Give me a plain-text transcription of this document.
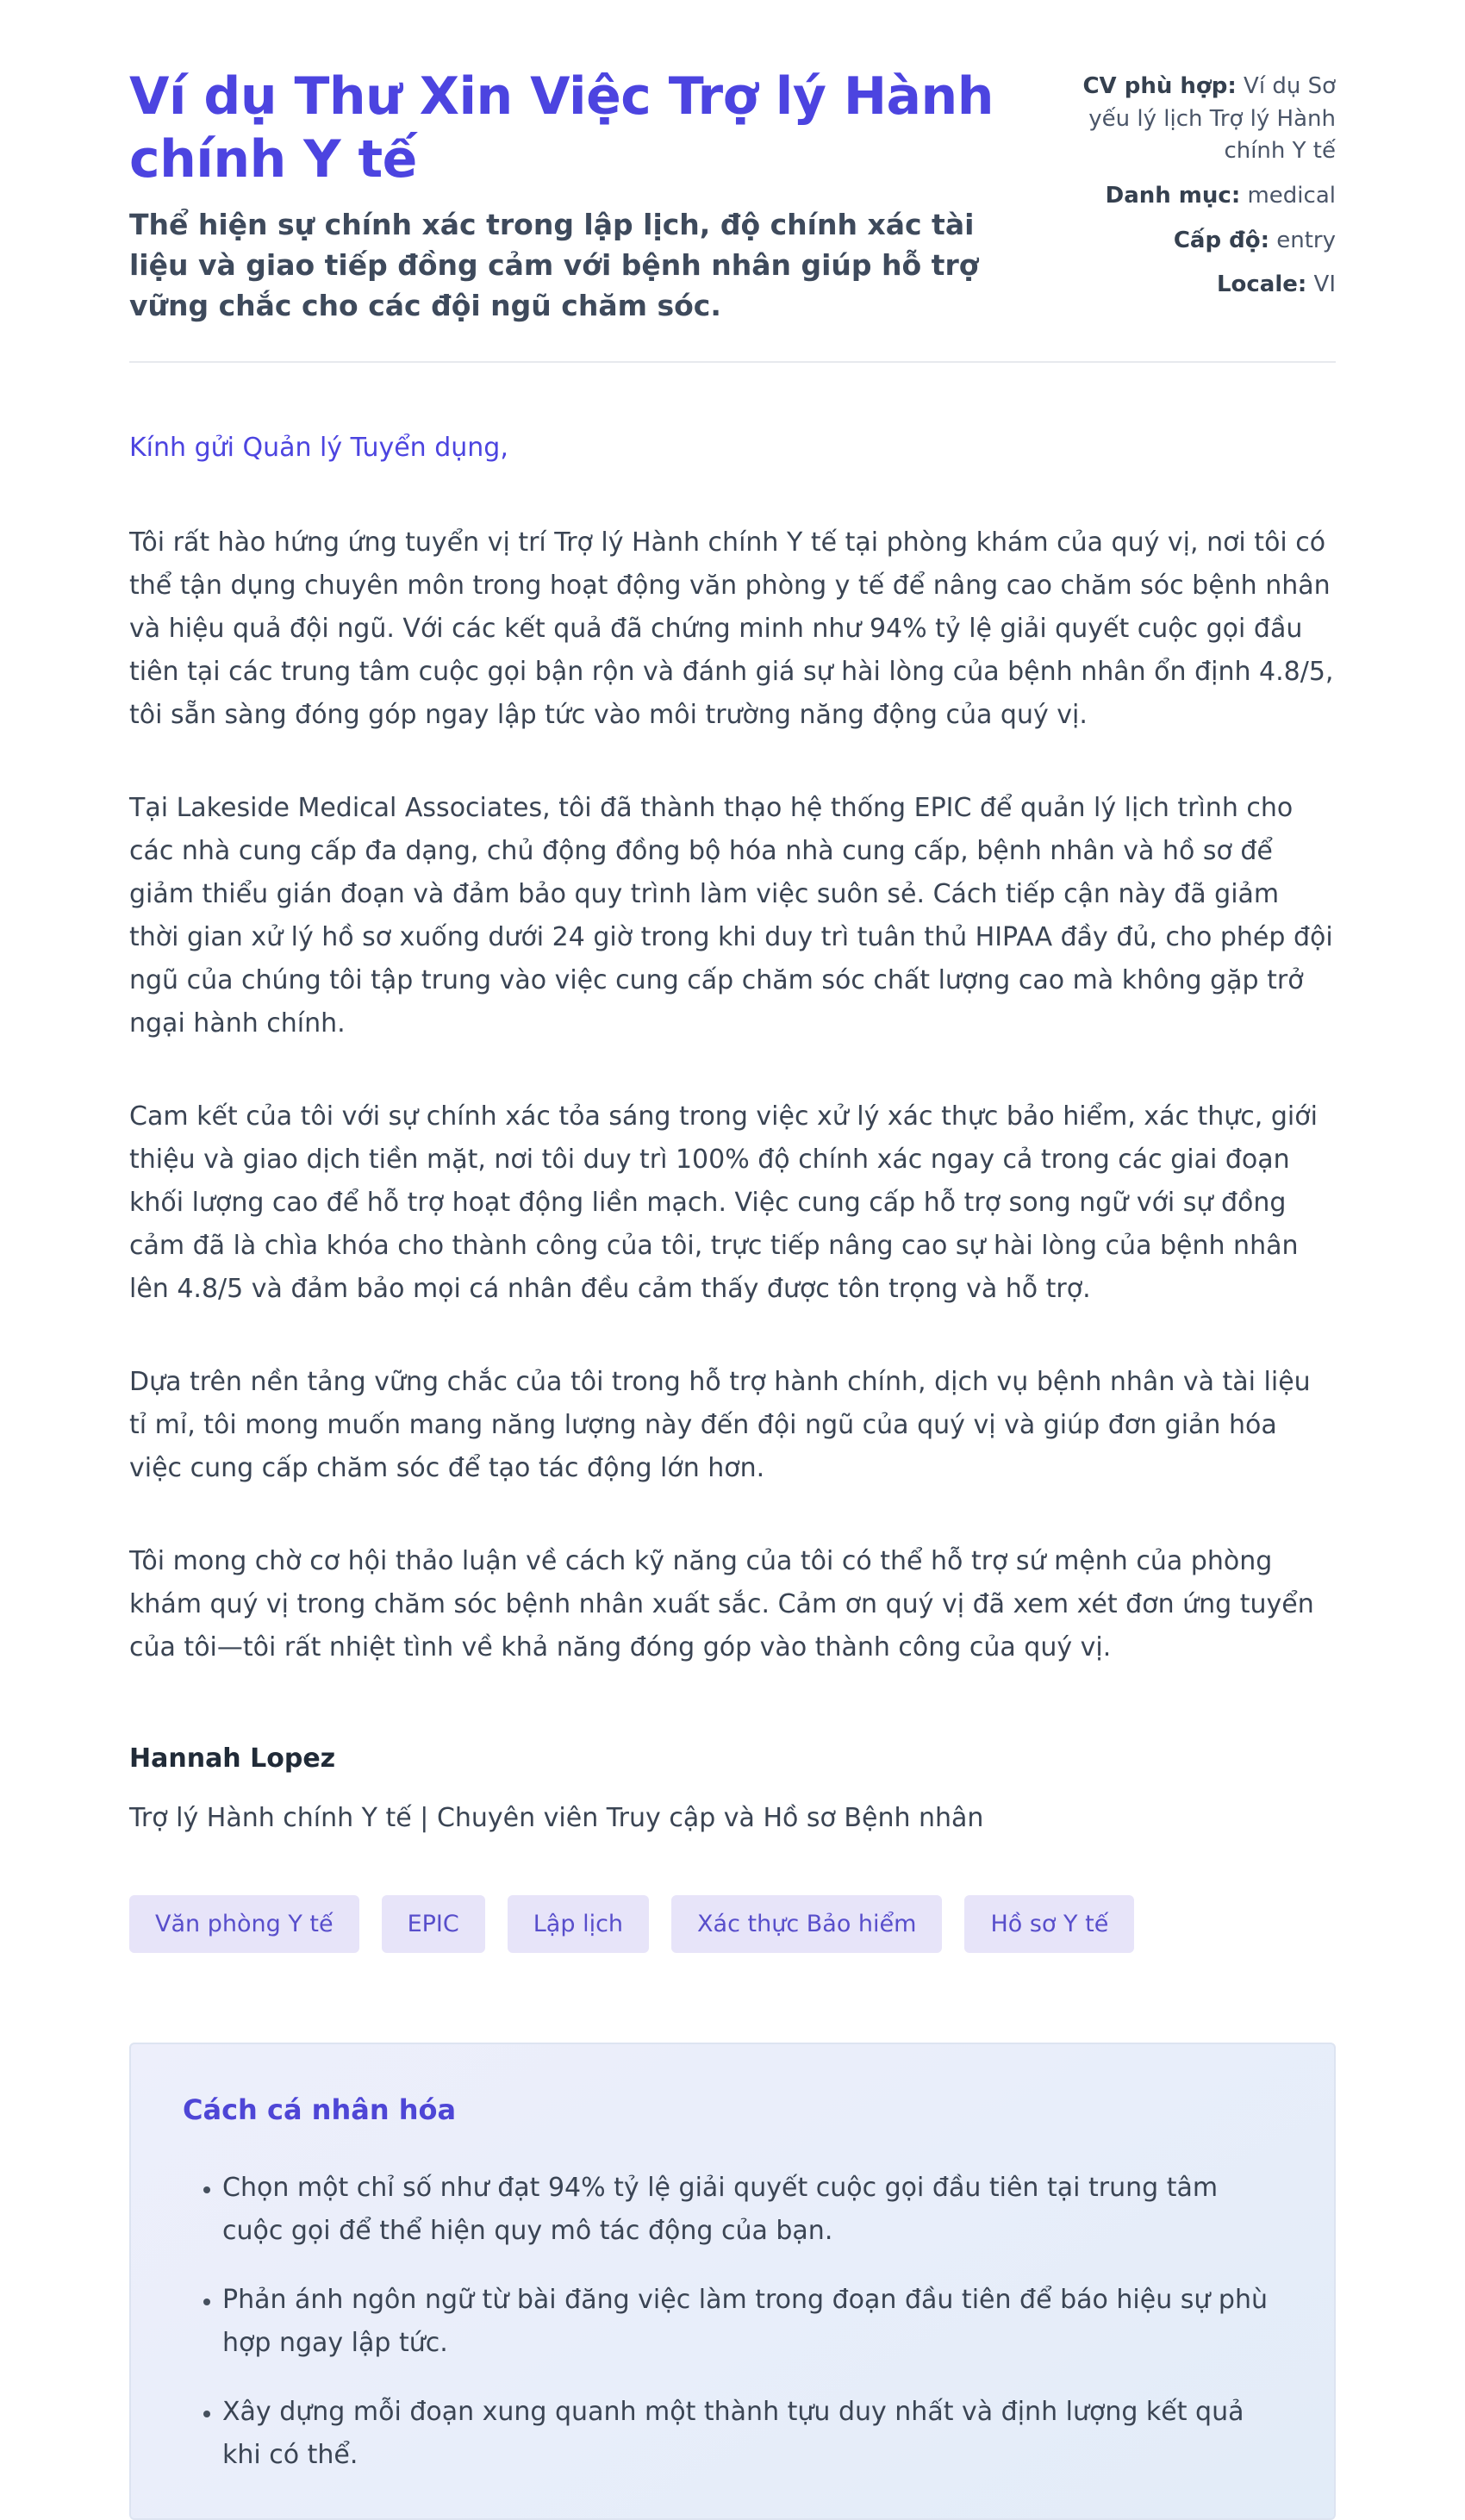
Ví dụ Thư Xin Việc Trợ lý Hành chính Y tế

Thể hiện sự chính xác trong lập lịch, độ chính xác tài liệu và giao tiếp đồng cảm với bệnh nhân giúp hỗ trợ vững chắc cho các đội ngũ chăm sóc.

CV phù hợp: Ví dụ Sơ yếu lý lịch Trợ lý Hành chính Y tế
Danh mục: medical
Cấp độ: entry
Locale: VI

Kính gửi Quản lý Tuyển dụng,

Tôi rất hào hứng ứng tuyển vị trí Trợ lý Hành chính Y tế tại phòng khám của quý vị, nơi tôi có thể tận dụng chuyên môn trong hoạt động văn phòng y tế để nâng cao chăm sóc bệnh nhân và hiệu quả đội ngũ. Với các kết quả đã chứng minh như 94% tỷ lệ giải quyết cuộc gọi đầu tiên tại các trung tâm cuộc gọi bận rộn và đánh giá sự hài lòng của bệnh nhân ổn định 4.8/5, tôi sẵn sàng đóng góp ngay lập tức vào môi trường năng động của quý vị.

Tại Lakeside Medical Associates, tôi đã thành thạo hệ thống EPIC để quản lý lịch trình cho các nhà cung cấp đa dạng, chủ động đồng bộ hóa nhà cung cấp, bệnh nhân và hồ sơ để giảm thiểu gián đoạn và đảm bảo quy trình làm việc suôn sẻ. Cách tiếp cận này đã giảm thời gian xử lý hồ sơ xuống dưới 24 giờ trong khi duy trì tuân thủ HIPAA đầy đủ, cho phép đội ngũ của chúng tôi tập trung vào việc cung cấp chăm sóc chất lượng cao mà không gặp trở ngại hành chính.

Cam kết của tôi với sự chính xác tỏa sáng trong việc xử lý xác thực bảo hiểm, xác thực, giới thiệu và giao dịch tiền mặt, nơi tôi duy trì 100% độ chính xác ngay cả trong các giai đoạn khối lượng cao để hỗ trợ hoạt động liền mạch. Việc cung cấp hỗ trợ song ngữ với sự đồng cảm đã là chìa khóa cho thành công của tôi, trực tiếp nâng cao sự hài lòng của bệnh nhân lên 4.8/5 và đảm bảo mọi cá nhân đều cảm thấy được tôn trọng và hỗ trợ.

Dựa trên nền tảng vững chắc của tôi trong hỗ trợ hành chính, dịch vụ bệnh nhân và tài liệu tỉ mỉ, tôi mong muốn mang năng lượng này đến đội ngũ của quý vị và giúp đơn giản hóa việc cung cấp chăm sóc để tạo tác động lớn hơn.

Tôi mong chờ cơ hội thảo luận về cách kỹ năng của tôi có thể hỗ trợ sứ mệnh của phòng khám quý vị trong chăm sóc bệnh nhân xuất sắc. Cảm ơn quý vị đã xem xét đơn ứng tuyển của tôi—tôi rất nhiệt tình về khả năng đóng góp vào thành công của quý vị.

Hannah Lopez
Trợ lý Hành chính Y tế | Chuyên viên Truy cập và Hồ sơ Bệnh nhân
Văn phòng Y tế	EPIC	Lập lịch	Xác thực Bảo hiểm	Hồ sơ Y tế
Cách cá nhân hóa
• Chọn một chỉ số như đạt 94% tỷ lệ giải quyết cuộc gọi đầu tiên tại trung tâm cuộc gọi để thể hiện quy mô tác động của bạn.
• Phản ánh ngôn ngữ từ bài đăng việc làm trong đoạn đầu tiên để báo hiệu sự phù hợp ngay lập tức.
• Xây dựng mỗi đoạn xung quanh một thành tựu duy nhất và định lượng kết quả khi có thể.
